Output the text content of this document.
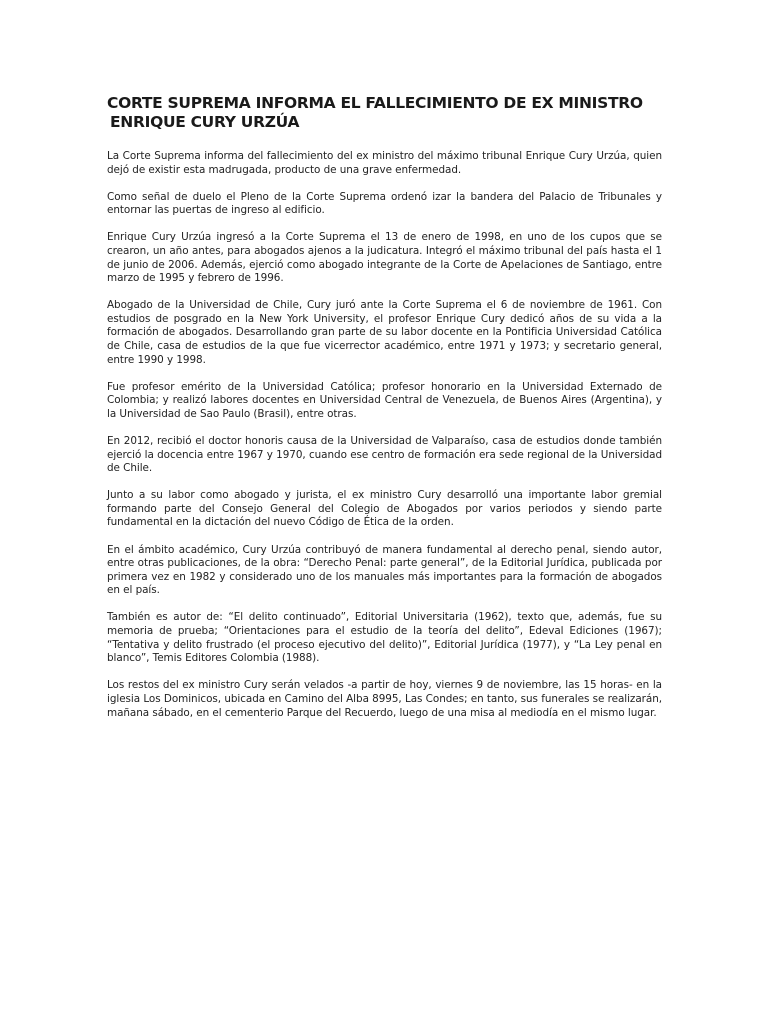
CORTE SUPREMA INFORMA EL FALLECIMIENTO DE EX MINISTRO ENRIQUE CURY URZÚA

La Corte Suprema informa del fallecimiento del ex ministro del máximo tribunal Enrique Cury Urzúa, quien dejó de existir esta madrugada, producto de una grave enfermedad.

Como señal de duelo el Pleno de la Corte Suprema ordenó izar la bandera del Palacio de Tribunales y entornar las puertas de ingreso al edificio.

Enrique Cury Urzúa ingresó a la Corte Suprema el 13 de enero de 1998, en uno de los cupos que se crearon, un año antes, para abogados ajenos a la judicatura. Integró el máximo tribunal del país hasta el 1 de junio de 2006. Además, ejerció como abogado integrante de la Corte de Apelaciones de Santiago, entre marzo de 1995 y febrero de 1996.

Abogado de la Universidad de Chile, Cury juró ante la Corte Suprema el 6 de noviembre de 1961. Con estudios de posgrado en la New York University, el profesor Enrique Cury dedicó años de su vida a la formación de abogados. Desarrollando gran parte de su labor docente en la Pontificia Universidad Católica de Chile, casa de estudios de la que fue vicerrector académico, entre 1971 y 1973; y secretario general, entre 1990 y 1998.

Fue profesor emérito de la Universidad Católica; profesor honorario en la Universidad Externado de Colombia; y realizó labores docentes en Universidad Central de Venezuela, de Buenos Aires (Argentina), y la Universidad de Sao Paulo (Brasil), entre otras.

En 2012, recibió el doctor honoris causa de la Universidad de Valparaíso, casa de estudios donde también ejerció la docencia entre 1967 y 1970, cuando ese centro de formación era sede regional de la Universidad de Chile.

Junto a su labor como abogado y jurista, el ex ministro Cury desarrolló una importante labor gremial formando parte del Consejo General del Colegio de Abogados por varios periodos y siendo parte fundamental en la dictación del nuevo Código de Ética de la orden.

En el ámbito académico, Cury Urzúa contribuyó de manera fundamental al derecho penal, siendo autor, entre otras publicaciones, de la obra: “Derecho Penal: parte general”, de la Editorial Jurídica, publicada por primera vez en 1982 y considerado uno de los manuales más importantes para la formación de abogados en el país.

También es autor de: “El delito continuado”, Editorial Universitaria (1962), texto que, además, fue su memoria de prueba; “Orientaciones para el estudio de la teoría del delito”, Edeval Ediciones (1967); “Tentativa y delito frustrado (el proceso ejecutivo del delito)”, Editorial Jurídica (1977), y “La Ley penal en blanco”, Temis Editores Colombia (1988).

Los restos del ex ministro Cury serán velados -a partir de hoy, viernes 9 de noviembre, las 15 horas- en la iglesia Los Dominicos, ubicada en Camino del Alba 8995, Las Condes; en tanto, sus funerales se realizarán, mañana sábado, en el cementerio Parque del Recuerdo, luego de una misa al mediodía en el mismo lugar.
